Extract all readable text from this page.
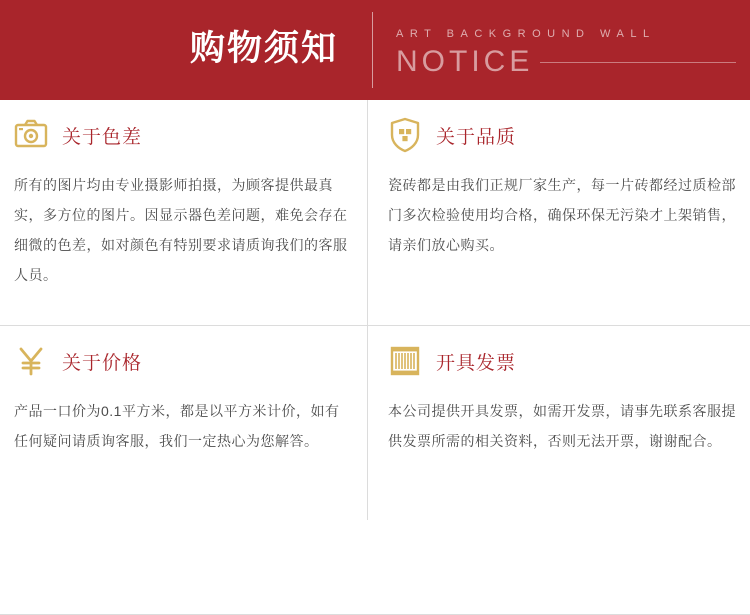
购物须知	ART BACKGROUND WALL
NOTICE
关于色差

所有的图片均由专业摄影师拍摄，为顾客提供最真实，多方位的图片。因显示器色差问题，难免会存在细微的色差，如对颜色有特别要求请质询我们的客服人员。

关于品质

瓷砖都是由我们正规厂家生产，每一片砖都经过质检部门多次检验使用均合格，确保环保无污染才上架销售，请亲们放心购买。

关于价格

产品一口价为0.1平方米，都是以平方米计价，如有任何疑问请质询客服，我们一定热心为您解答。

开具发票

本公司提供开具发票，如需开发票，请事先联系客服提供发票所需的相关资料，否则无法开票，谢谢配合。
